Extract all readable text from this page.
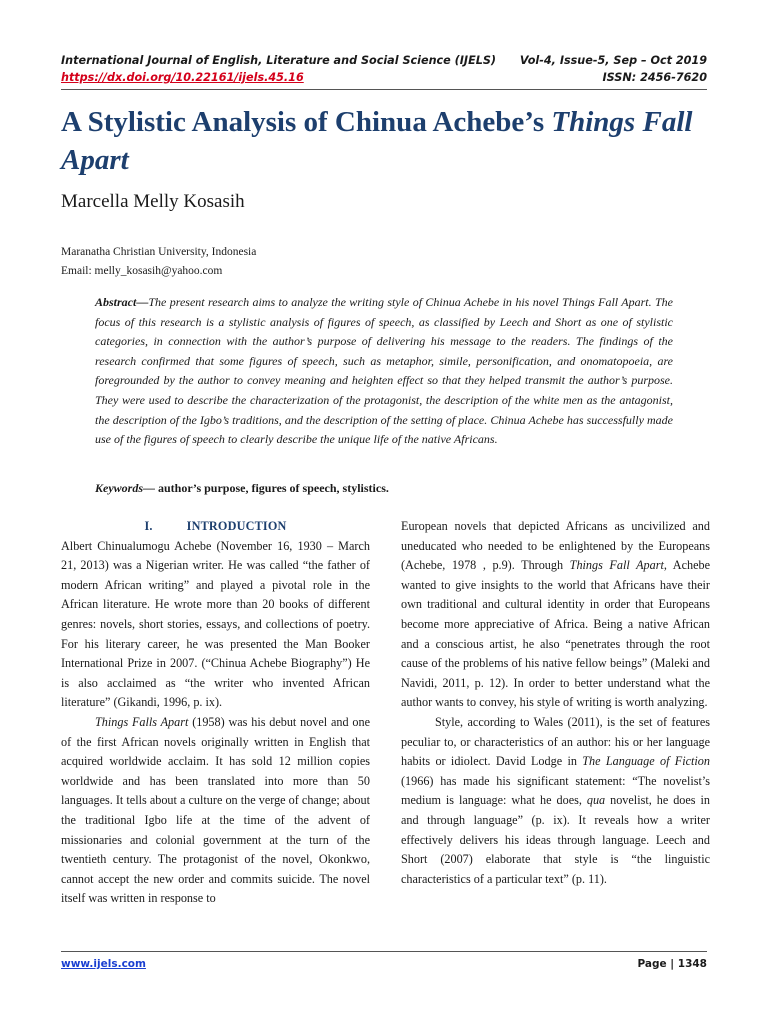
International Journal of English, Literature and Social Science (IJELS) Vol-4, Issue-5, Sep – Oct 2019
https://dx.doi.org/10.22161/ijels.45.16	ISSN: 2456-7620
A Stylistic Analysis of Chinua Achebe’s Things Fall Apart

Marcella Melly Kosasih

Maranatha Christian University, Indonesia
Email: melly_kosasih@yahoo.com

Abstract—The present research aims to analyze the writing style of Chinua Achebe in his novel Things Fall Apart. The focus of this research is a stylistic analysis of figures of speech, as classified by Leech and Short as one of stylistic categories, in connection with the author’s purpose of delivering his message to the readers. The findings of the research confirmed that some figures of speech, such as metaphor, simile, personification, and onomatopoeia, are foregrounded by the author to convey meaning and heighten effect so that they helped transmit the author’s purpose. They were used to describe the characterization of the protagonist, the description of the white men as the antagonist, the description of the Igbo’s traditions, and the description of the setting of place. Chinua Achebe has successfully made use of the figures of speech to clearly describe the unique life of the native Africans.

Keywords— author’s purpose, figures of speech, stylistics.

I.	INTRODUCTION

Albert Chinualumogu Achebe (November 16, 1930 – March 21, 2013) was a Nigerian writer. He was called “the father of modern African writing” and played a pivotal role in the African literature. He wrote more than 20 books of different genres: novels, short stories, essays, and collections of poetry. For his literary career, he was presented the Man Booker International Prize in 2007. (“Chinua Achebe Biography”) He is also acclaimed as “the writer who invented African literature” (Gikandi, 1996, p. ix).

Things Falls Apart (1958) was his debut novel and one of the first African novels originally written in English that acquired worldwide acclaim. It has sold 12 million copies worldwide and has been translated into more than 50 languages. It tells about a culture on the verge of change; about the traditional Igbo life at the time of the advent of missionaries and colonial government at the turn of the twentieth century. The protagonist of the novel, Okonkwo, cannot accept the new order and commits suicide. The novel itself was written in response to

European novels that depicted Africans as uncivilized and uneducated who needed to be enlightened by the Europeans (Achebe, 1978 , p.9). Through Things Fall Apart, Achebe wanted to give insights to the world that Africans have their own traditional and cultural identity in order that Europeans become more appreciative of Africa. Being a native African and a conscious artist, he also “penetrates through the root cause of the problems of his native fellow beings” (Maleki and Navidi, 2011, p. 12). In order to better understand what the author wants to convey, his style of writing is worth analyzing.

Style, according to Wales (2011), is the set of features peculiar to, or characteristics of an author: his or her language habits or idiolect. David Lodge in The Language of Fiction (1966) has made his significant statement: “The novelist’s medium is language: what he does, qua novelist, he does in and through language” (p. ix). It reveals how a writer effectively delivers his ideas through language. Leech and Short (2007) elaborate that style is “the linguistic characteristics of a particular text” (p. 11).

www.ijels.com	Page | 1348
